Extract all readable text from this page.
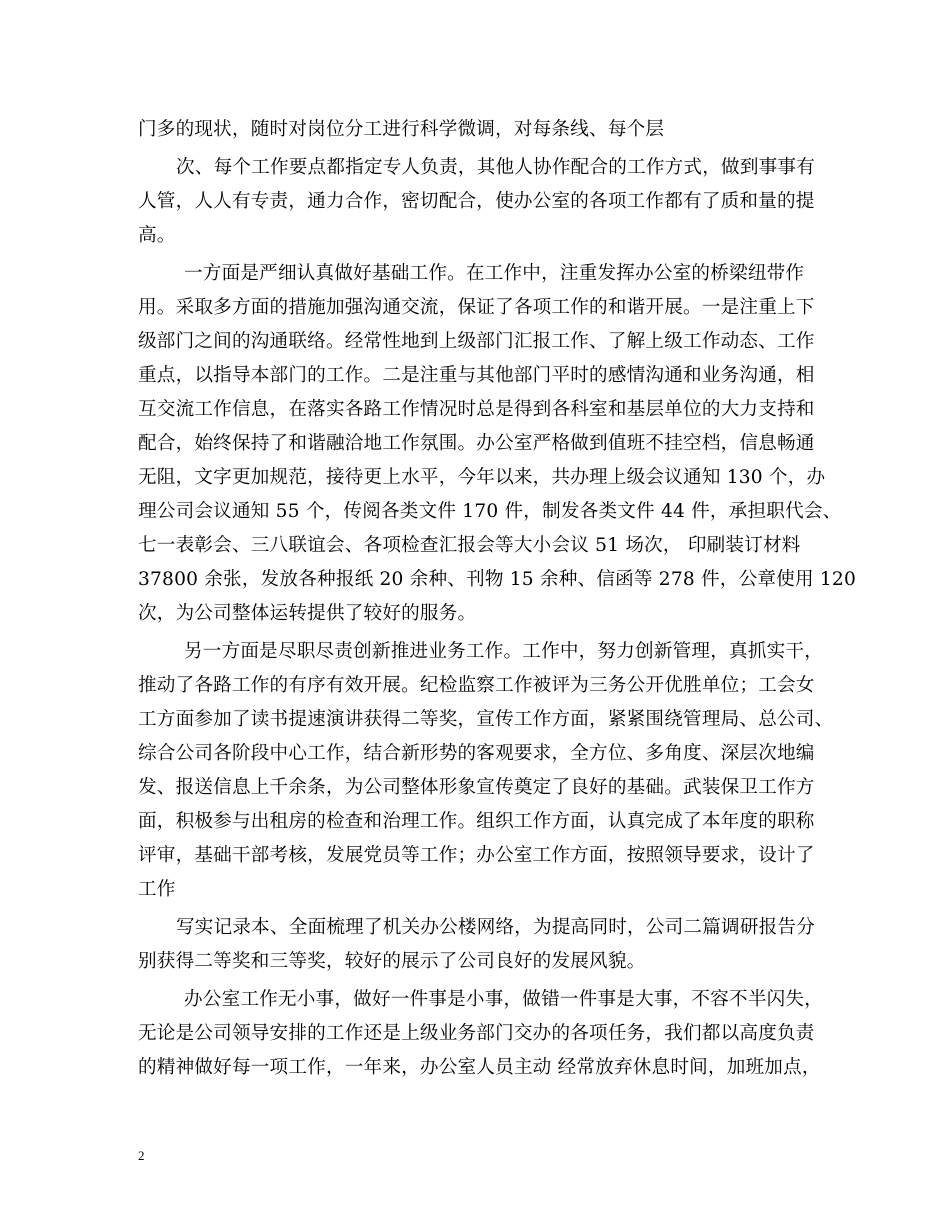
门多的现状，随时对岗位分工进行科学微调，对每条线、每个层
次、每个工作要点都指定专人负责，其他人协作配合的工作方式，做到事事有
人管，人人有专责，通力合作，密切配合，使办公室的各项工作都有了质和量的提
高。
一方面是严细认真做好基础工作。在工作中，注重发挥办公室的桥梁纽带作
用。采取多方面的措施加强沟通交流，保证了各项工作的和谐开展。一是注重上下
级部门之间的沟通联络。经常性地到上级部门汇报工作、了解上级工作动态、工作
重点，以指导本部门的工作。二是注重与其他部门平时的感情沟通和业务沟通，相
互交流工作信息，在落实各路工作情况时总是得到各科室和基层单位的大力支持和
配合，始终保持了和谐融洽地工作氛围。办公室严格做到值班不挂空档，信息畅通
无阻，文字更加规范，接待更上水平，今年以来，共办理上级会议通知 130 个，办
理公司会议通知 55 个，传阅各类文件 170 件，制发各类文件 44 件，承担职代会、
七一表彰会、三八联谊会、各项检查汇报会等大小会议 51 场次， 印刷装订材料
37800 余张，发放各种报纸 20 余种、刊物 15 余种、信函等 278 件，公章使用 120
次，为公司整体运转提供了较好的服务。
另一方面是尽职尽责创新推进业务工作。工作中，努力创新管理，真抓实干，
推动了各路工作的有序有效开展。纪检监察工作被评为三务公开优胜单位；工会女
工方面参加了读书提速演讲获得二等奖，宣传工作方面，紧紧围绕管理局、总公司、
综合公司各阶段中心工作，结合新形势的客观要求，全方位、多角度、深层次地编
发、报送信息上千余条，为公司整体形象宣传奠定了良好的基础。武装保卫工作方
面，积极参与出租房的检查和治理工作。组织工作方面，认真完成了本年度的职称
评审，基础干部考核，发展党员等工作；办公室工作方面，按照领导要求，设计了
工作
写实记录本、全面梳理了机关办公楼网络，为提高同时，公司二篇调研报告分
别获得二等奖和三等奖，较好的展示了公司良好的发展风貌。
办公室工作无小事，做好一件事是小事，做错一件事是大事，不容不半闪失，
无论是公司领导安排的工作还是上级业务部门交办的各项任务，我们都以高度负责
的精神做好每一项工作，一年来，办公室人员主动 经常放弃休息时间，加班加点，
2
